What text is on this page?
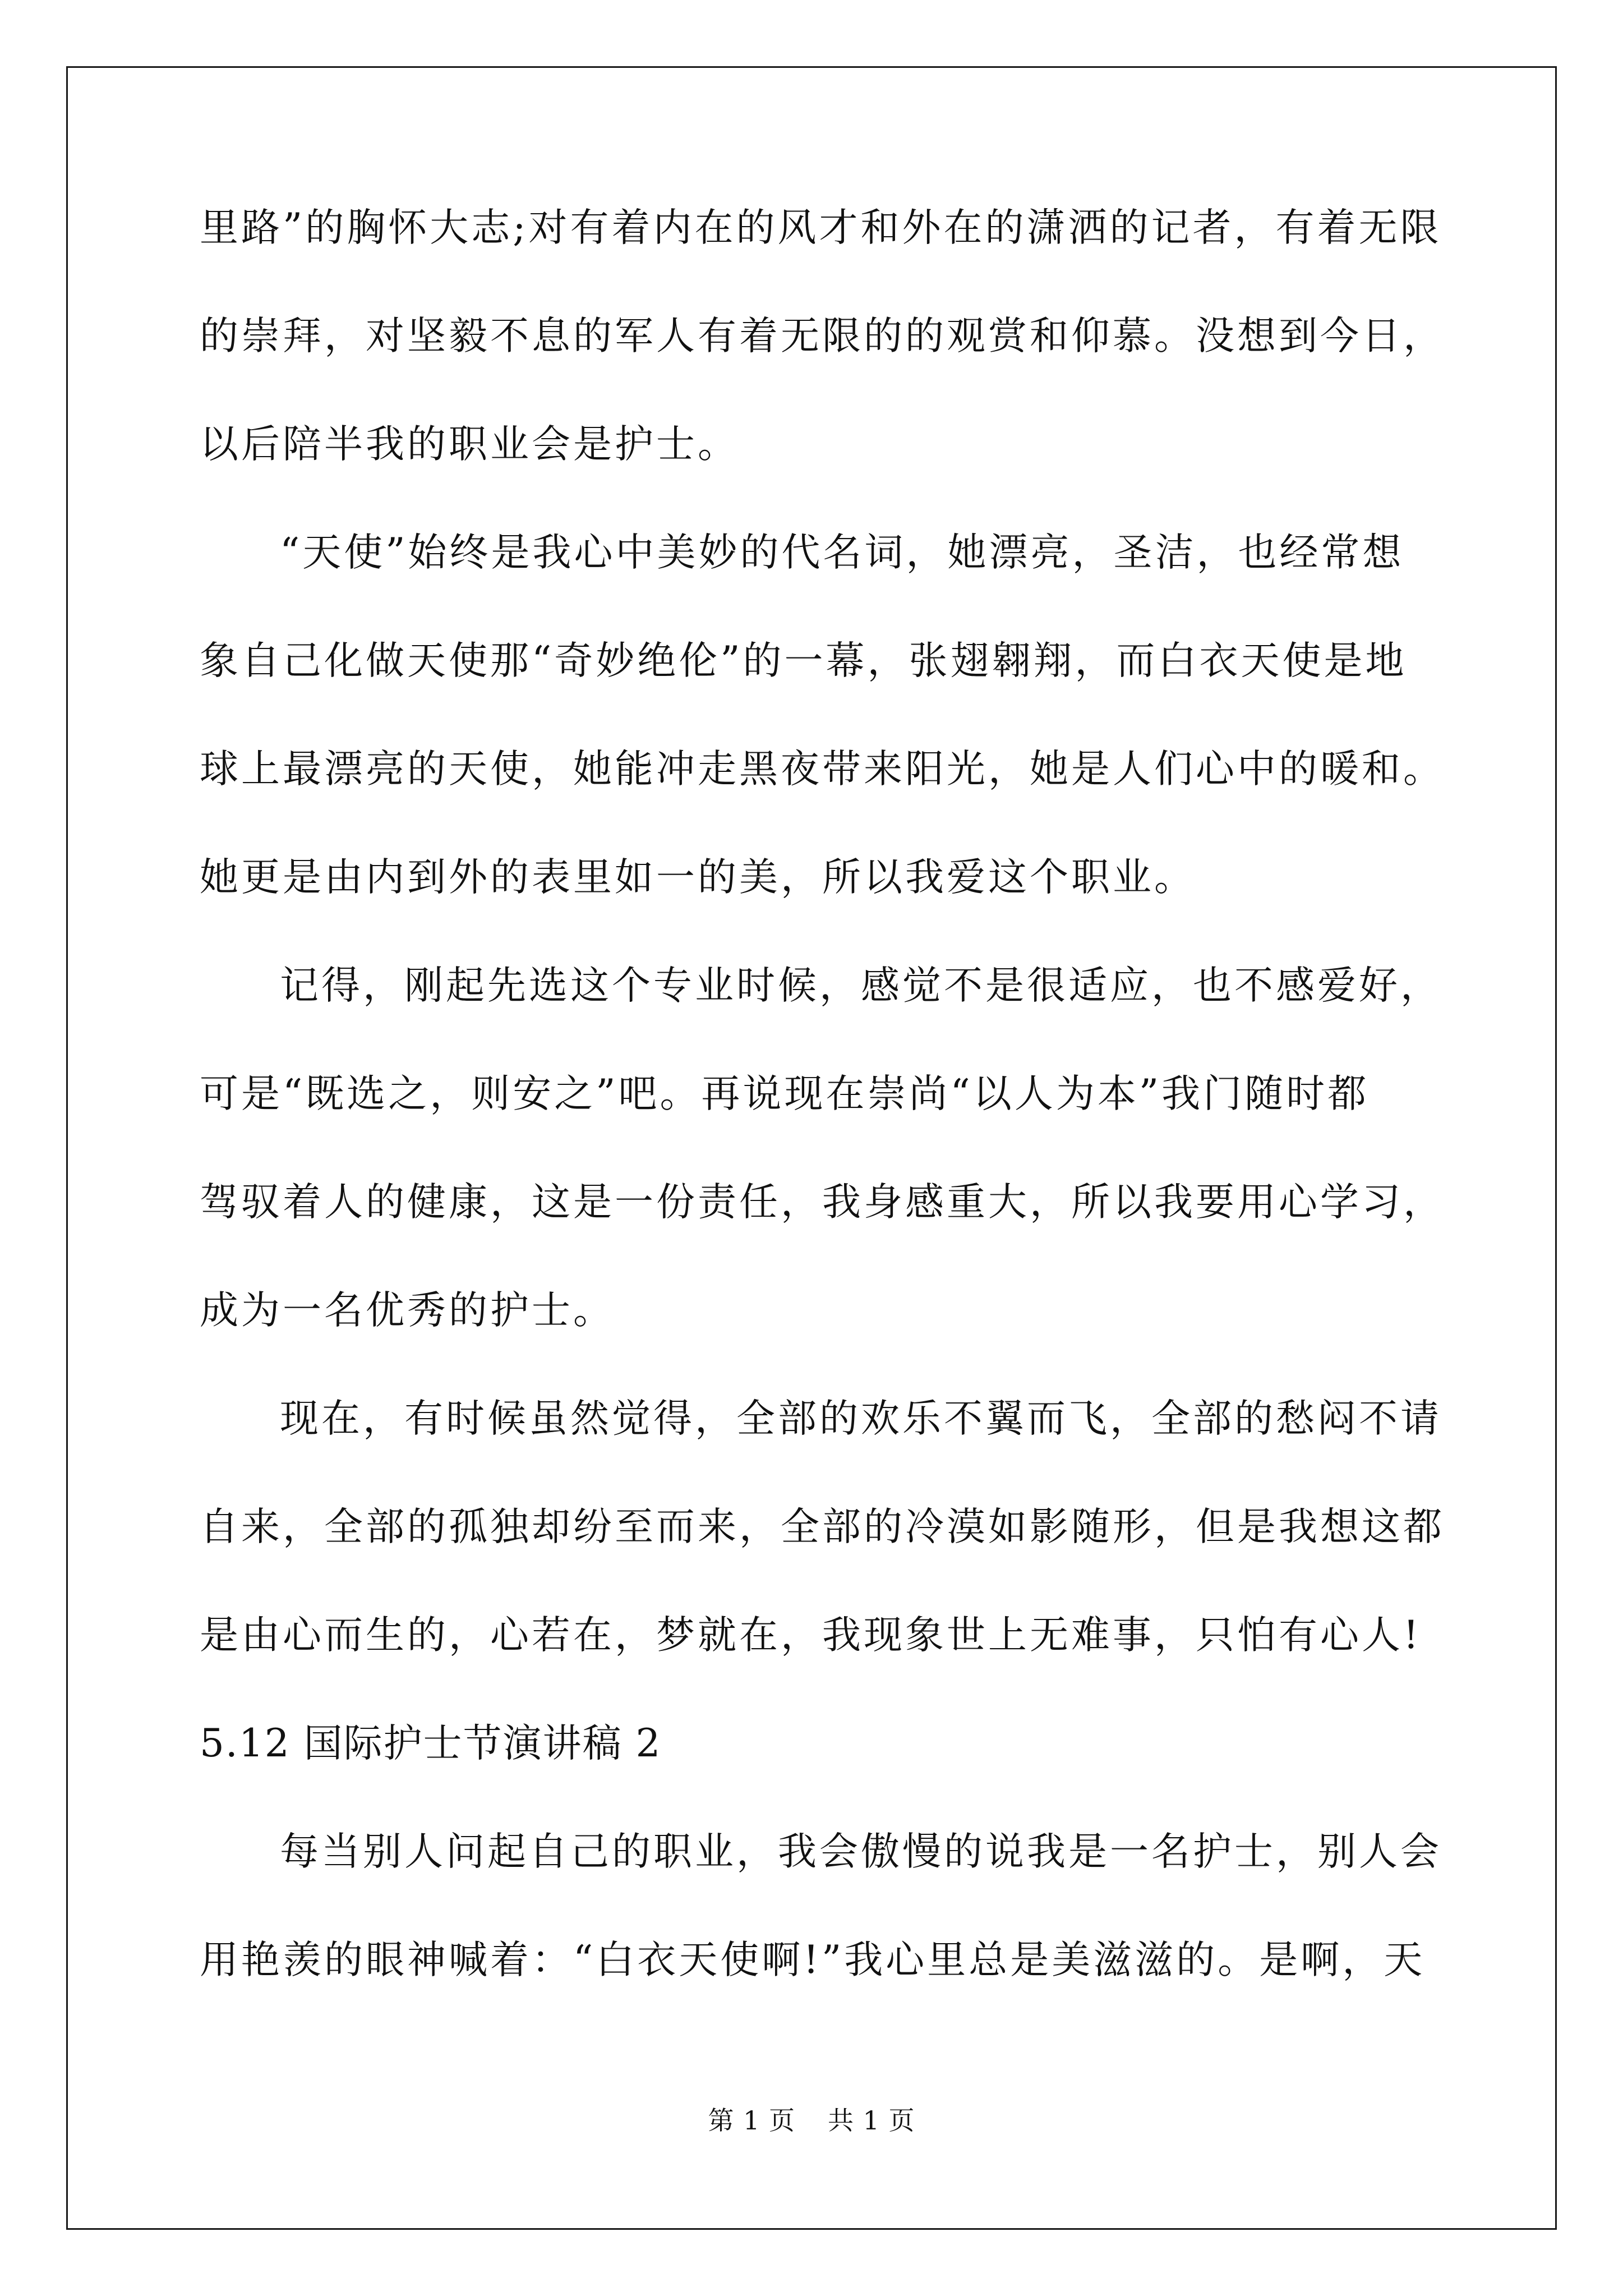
里路”的胸怀大志;对有着内在的风才和外在的潇洒的记者，有着无限
的崇拜，对坚毅不息的军人有着无限的的观赏和仰慕。没想到今日，
以后陪半我的职业会是护士。
“天使”始终是我心中美妙的代名词，她漂亮，圣洁，也经常想
象自己化做天使那“奇妙绝伦”的一幕，张翅翱翔，而白衣天使是地
球上最漂亮的天使，她能冲走黑夜带来阳光，她是人们心中的暖和。
她更是由内到外的表里如一的美，所以我爱这个职业。
记得，刚起先选这个专业时候，感觉不是很适应，也不感爱好，
可是“既选之，则安之”吧。再说现在崇尚“以人为本”我门随时都
驾驭着人的健康，这是一份责任，我身感重大，所以我要用心学习，
成为一名优秀的护士。
现在，有时候虽然觉得，全部的欢乐不翼而飞，全部的愁闷不请
自来，全部的孤独却纷至而来，全部的冷漠如影随形，但是我想这都
是由心而生的，心若在，梦就在，我现象世上无难事，只怕有心人!
5.12 国际护士节演讲稿 2
每当别人问起自己的职业，我会傲慢的说我是一名护士，别人会
用艳羡的眼神喊着：“白衣天使啊!”我心里总是美滋滋的。是啊，天
第 1 页 共 1 页
